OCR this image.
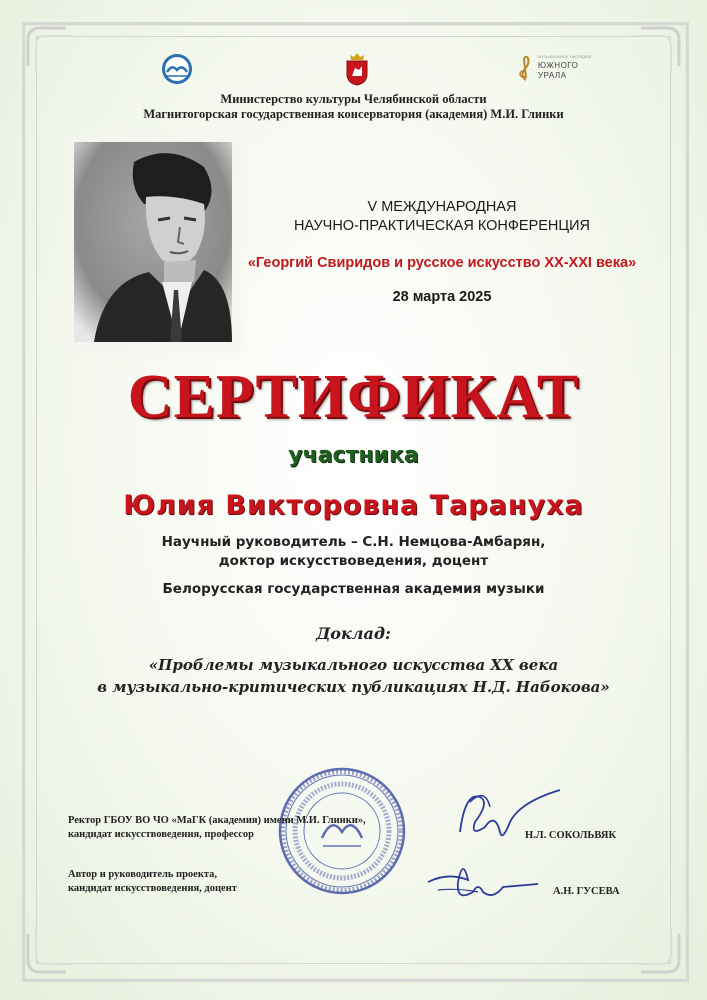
МУЗЫКАЛЬНОЕ НАСЛЕДИЕ
ЮЖНОГО
УРАЛА
Министерство культуры Челябинской области
Магнитогорская государственная консерватория (академия) М.И. Глинки
V МЕЖДУНАРОДНАЯ
НАУЧНО-ПРАКТИЧЕСКАЯ КОНФЕРЕНЦИЯ
«Георгий Свиридов и русское искусство XX-XXI века»
28 марта 2025
СЕРТИФИКАТ
участника
Юлия Викторовна Тарануха
Научный руководитель – С.Н. Немцова-Амбарян,
доктор искусствоведения, доцент
Белорусская государственная академия музыки
Доклад:
«Проблемы музыкального искусства XX века
в музыкально-критических публикациях Н.Д. Набокова»
Ректор ГБОУ ВО ЧО «МаГК (академия) имени М.И. Глинки»,
кандидат искусствоведения, профессор	Н.Л. СОКОЛЬВЯК
Автор и руководитель проекта,
кандидат искусствоведения, доцент	А.Н. ГУСЕВА
